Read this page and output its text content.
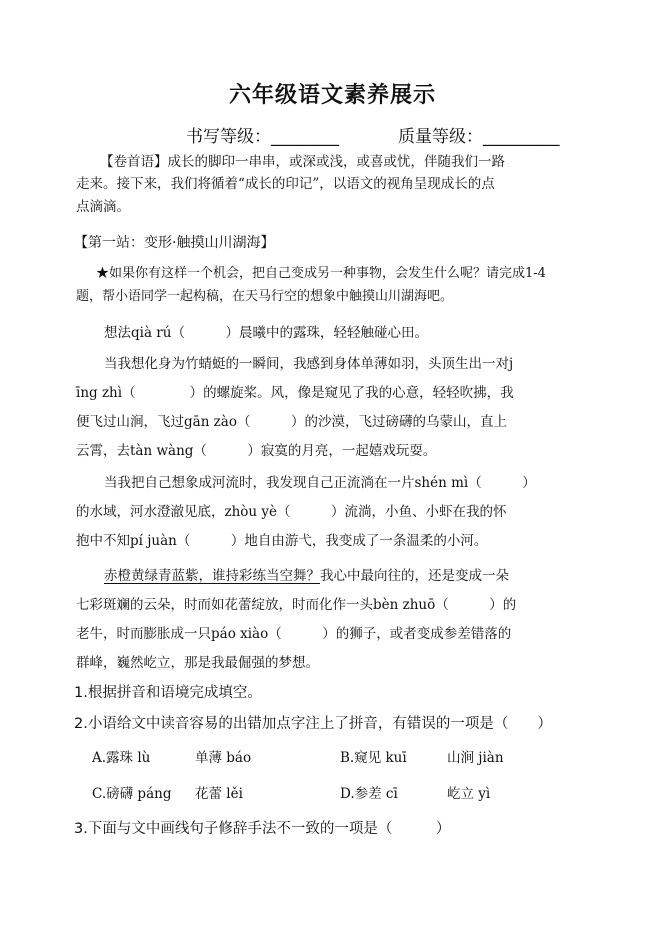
六年级语文素养展示
书写等级：________	质量等级：_________
【卷首语】成长的脚印一串串，或深或浅，或喜或忧，伴随我们一路
走来。接下来，我们将循着“成长的印记”，以语文的视角呈现成长的点
点滴滴。
【第一站：变形·触摸山川湖海】
★如果你有这样一个机会，把自己变成另一种事物，会发生什么呢？请完成1-4
题，帮小语同学一起构稿，在天马行空的想象中触摸山川湖海吧。
想法qià rú（　　　）晨曦中的露珠，轻轻触碰心田。
当我想化身为竹蜻蜓的一瞬间，我感到身体单薄如羽，头顶生出一对j
īng zhì（　　　　）的螺旋桨。风，像是窥见了我的心意，轻轻吹拂，我
便飞过山涧，飞过gān zào（　　　）的沙漠，飞过磅礴的乌蒙山，直上
云霄，去tàn wàng（　　　）寂寞的月亮，一起嬉戏玩耍。
当我把自己想象成河流时，我发现自己正流淌在一片shén mì（　　　）
的水域，河水澄澈见底，zhòu yè（　　　）流淌，小鱼、小虾在我的怀
抱中不知pí juàn（　　　）地自由游弋，我变成了一条温柔的小河。
赤橙黄绿青蓝紫，谁持彩练当空舞？我心中最向往的，还是变成一朵
七彩斑斓的云朵，时而如花蕾绽放，时而化作一头bèn zhuō（　　　）的
老牛，时而膨胀成一只páo xiào（　　　）的狮子，或者变成参差错落的
群峰，巍然屹立，那是我最倔强的梦想。
1.根据拼音和语境完成填空。
2.小语给文中读音容易的出错加点字注上了拼音，有错误的一项是（　　）
A.露珠 lù	单薄 báo	B.窥见 kuī	山涧 jiàn
C.磅礴 páng 花蕾 lěi	D.参差 cī	屹立 yì
3.下面与文中画线句子修辞手法不一致的一项是（　　　）
